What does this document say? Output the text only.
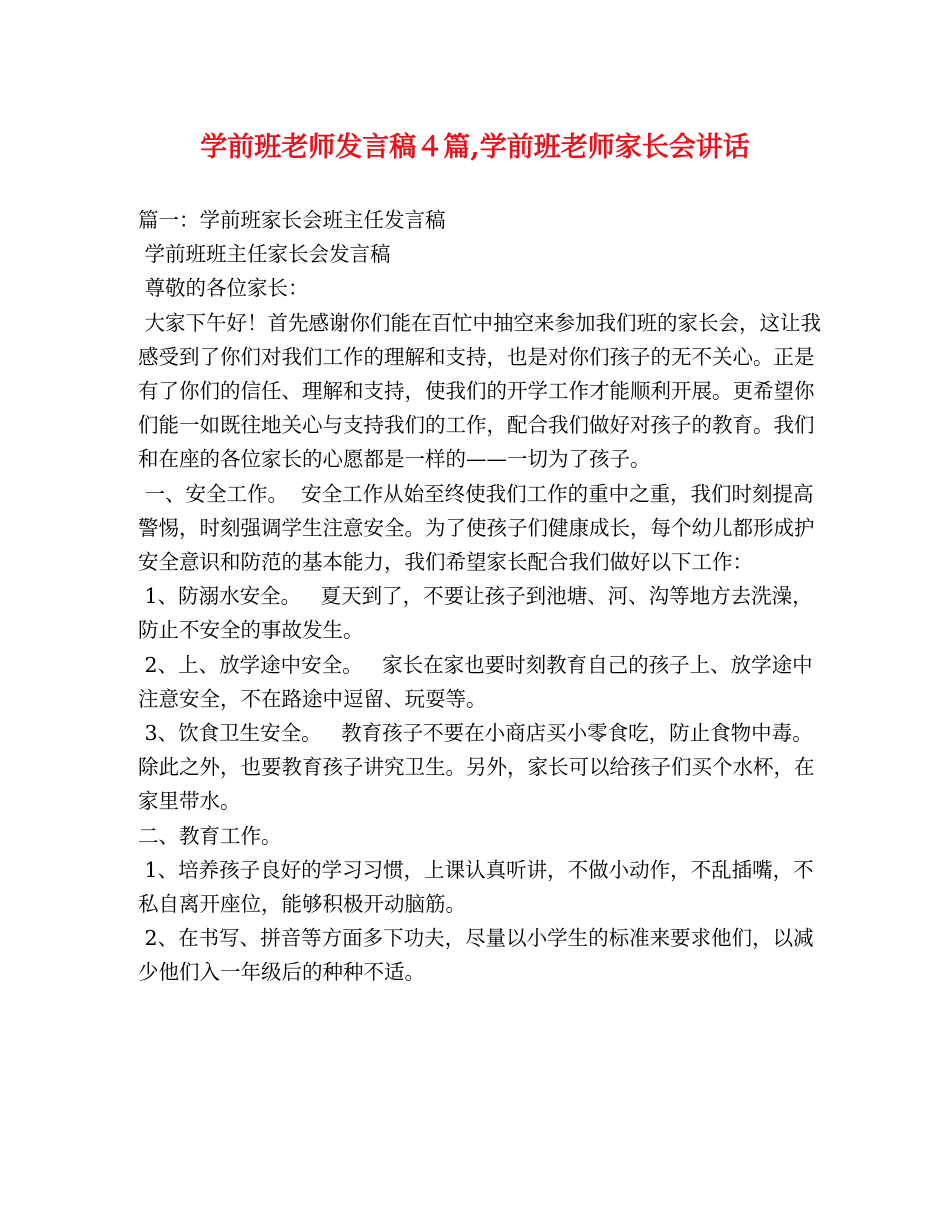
学前班老师发言稿４篇,学前班老师家长会讲话

篇一：学前班家长会班主任发言稿

学前班班主任家长会发言稿

尊敬的各位家长：

大家下午好！首先感谢你们能在百忙中抽空来参加我们班的家长会，这让我感受到了你们对我们工作的理解和支持，也是对你们孩子的无不关心。正是有了你们的信任、理解和支持，使我们的开学工作才能顺利开展。更希望你们能一如既往地关心与支持我们的工作，配合我们做好对孩子的教育。我们和在座的各位家长的心愿都是一样的——一切为了孩子。

一、安全工作。  安全工作从始至终使我们工作的重中之重，我们时刻提高警惕，时刻强调学生注意安全。为了使孩子们健康成长，每个幼儿都形成护安全意识和防范的基本能力，我们希望家长配合我们做好以下工作：

1、防溺水安全。   夏天到了，不要让孩子到池塘、河、沟等地方去洗澡，防止不安全的事故发生。

2、上、放学途中安全。   家长在家也要时刻教育自己的孩子上、放学途中注意安全，不在路途中逗留、玩耍等。

3、饮食卫生安全。   教育孩子不要在小商店买小零食吃，防止食物中毒。除此之外，也要教育孩子讲究卫生。另外，家长可以给孩子们买个水杯，在家里带水。

二、教育工作。

1、培养孩子良好的学习习惯，上课认真听讲，不做小动作，不乱插嘴，不私自离开座位，能够积极开动脑筋。

2、在书写、拼音等方面多下功夫，尽量以小学生的标准来要求他们，以减少他们入一年级后的种种不适。
